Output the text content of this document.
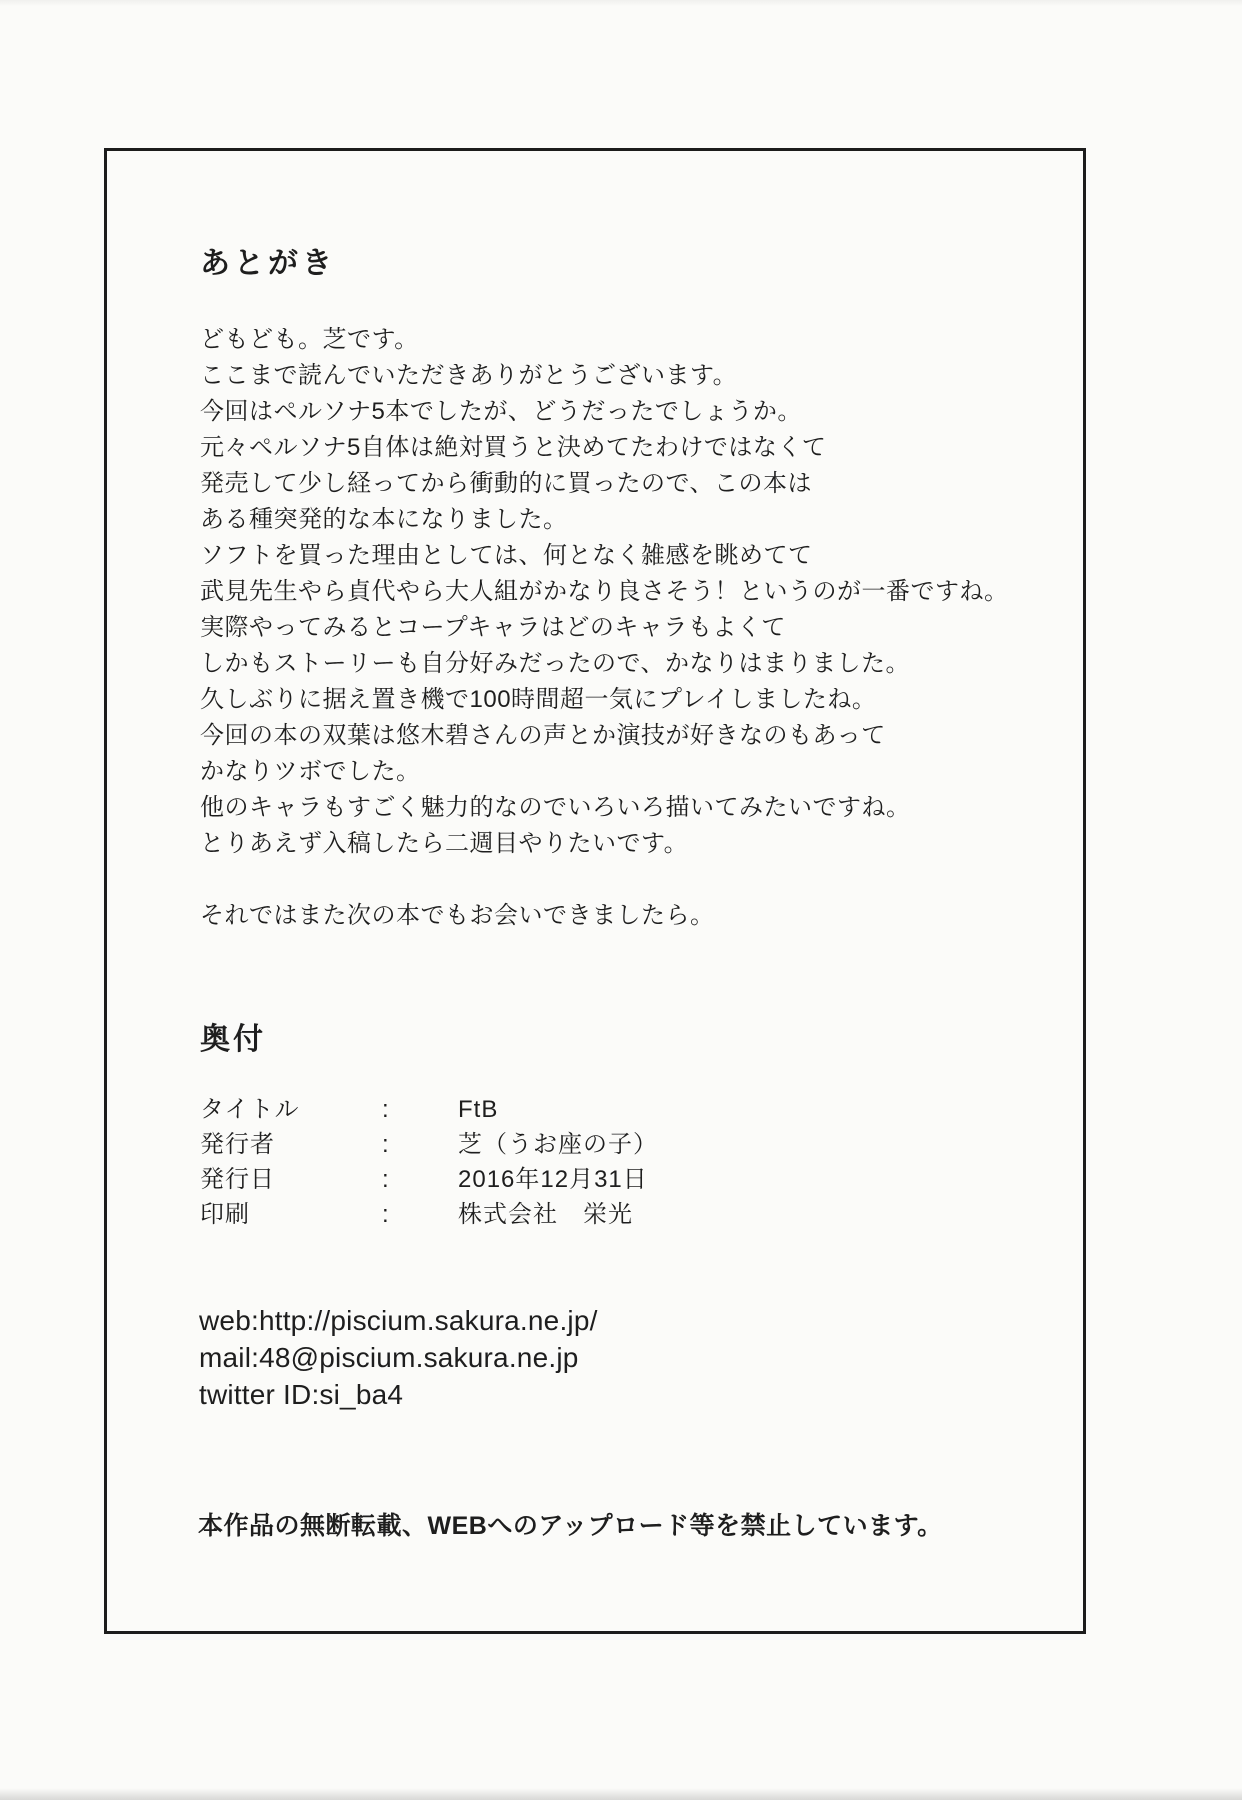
あとがき
どもども。芝です。
ここまで読んでいただきありがとうございます。
今回はペルソナ5本でしたが、どうだったでしょうか。
元々ペルソナ5自体は絶対買うと決めてたわけではなくて
発売して少し経ってから衝動的に買ったので、この本は
ある種突発的な本になりました。
ソフトを買った理由としては、何となく雑感を眺めてて
武見先生やら貞代やら大人組がかなり良さそう！というのが一番ですね。
実際やってみるとコープキャラはどのキャラもよくて
しかもストーリーも自分好みだったので、かなりはまりました。
久しぶりに据え置き機で100時間超一気にプレイしましたね。
今回の本の双葉は悠木碧さんの声とか演技が好きなのもあって
かなりツボでした。
他のキャラもすごく魅力的なのでいろいろ描いてみたいですね。
とりあえず入稿したら二週目やりたいです。
それではまた次の本でもお会いできましたら。
奥付
タイトル	:	FtB
発行者	:	芝（うお座の子）
発行日	:	2016年12月31日
印刷	:	株式会社　栄光
web:http://piscium.sakura.ne.jp/
mail:48@piscium.sakura.ne.jp
twitter ID:si_ba4
本作品の無断転載、WEBへのアップロード等を禁止しています。
